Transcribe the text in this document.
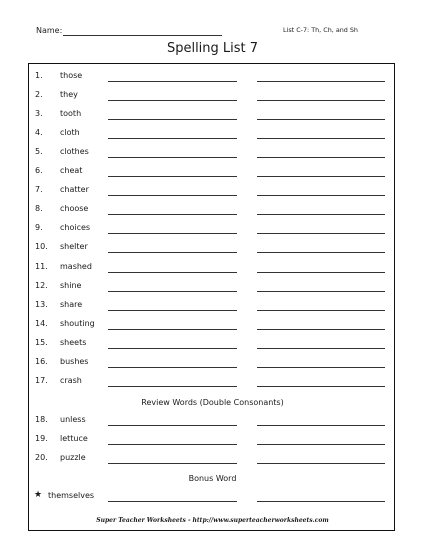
Name:	List C-7: Th, Ch, and Sh
Spelling List 7
1. those
2. they
3. tooth
4. cloth
5. clothes
6. cheat
7. chatter
8. choose
9. choices
10. shelter
11. mashed
12. shine
13. share
14. shouting
15. sheets
16. bushes
17. crash
Review Words (Double Consonants)
18. unless
19. lettuce
20. puzzle
Bonus Word
★ themselves
Super Teacher Worksheets - http://www.superteacherworksheets.com
